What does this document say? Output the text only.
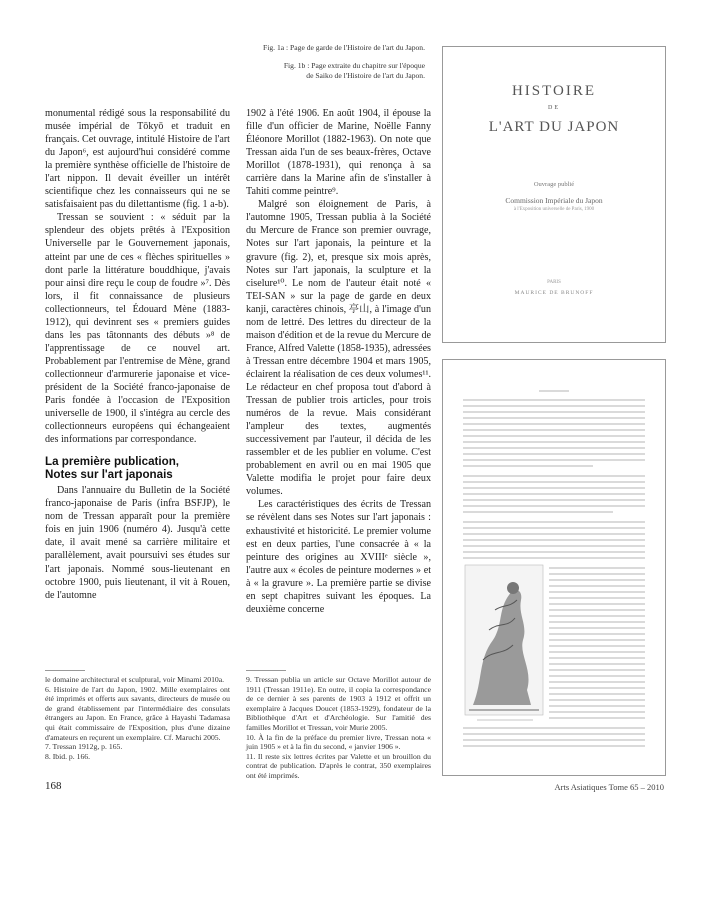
Fig. 1a : Page de garde de l'Histoire de l'art du Japon.
Fig. 1b : Page extraite du chapitre sur l'époque
de Saiko de l'Histoire de l'art du Japon.

monumental rédigé sous la responsabilité du musée impérial de Tōkyō et traduit en français. Cet ouvrage, intitulé Histoire de l'art du Japon⁶, est aujourd'hui considéré comme la première synthèse officielle de l'histoire de l'art nippon. Il devait éveiller un intérêt scientifique chez les connaisseurs qui ne se satisfaisaient pas du dilettantisme (fig. 1 a-b).

Tressan se souvient : « séduit par la splendeur des objets prêtés à l'Exposition Universelle par le Gouvernement japonais, atteint par une de ces « flèches spirituelles » dont parle la littérature bouddhique, j'avais pour ainsi dire reçu le coup de foudre »⁷. Dès lors, il fit connaissance de plusieurs collectionneurs, tel Édouard Mène (1883-1912), qui devinrent ses « premiers guides dans les pas tâtonnants des débuts »⁸ de l'apprentissage de ce nouvel art. Probablement par l'entremise de Mène, grand collectionneur d'armurerie japonaise et vice-président de la Société franco-japonaise de Paris fondée à l'occasion de l'Exposition universelle de 1900, il s'intégra au cercle des collectionneurs européens qui échangeaient des informations par correspondance.

La première publication,
Notes sur l'art japonais

Dans l'annuaire du Bulletin de la Société franco-japonaise de Paris (infra BSFJP), le nom de Tressan apparaît pour la première fois en juin 1906 (numéro 4). Jusqu'à cette date, il avait mené sa carrière militaire et parallèlement, avait poursuivi ses études sur l'art japonais. Nommé sous-lieutenant en octobre 1900, puis lieutenant, il vit à Rouen, de l'automne

1902 à l'été 1906. En août 1904, il épouse la fille d'un officier de Marine, Noëlle Fanny Éléonore Morillot (1882-1963). On note que Tressan aida l'un de ses beaux-frères, Octave Morillot (1878-1931), qui renonça à sa carrière dans la Marine afin de s'installer à Tahiti comme peintre⁹.

Malgré son éloignement de Paris, à l'automne 1905, Tressan publia à la Société du Mercure de France son premier ouvrage, Notes sur l'art japonais, la peinture et la gravure (fig. 2), et, presque six mois après, Notes sur l'art japonais, la sculpture et la ciselure¹⁰. Le nom de l'auteur était noté « TEI-SAN » sur la page de garde en deux kanji, caractères chinois, 亭山, à l'image d'un nom de lettré. Des lettres du directeur de la maison d'édition et de la revue du Mercure de France, Alfred Valette (1858-1935), adressées à Tressan entre décembre 1904 et mars 1905, éclairent la réalisation de ces deux volumes¹¹. Le rédacteur en chef proposa tout d'abord à Tressan de publier trois articles, pour trois numéros de la revue. Mais considérant l'ampleur des textes, augmentés successivement par l'auteur, il décida de les rassembler et de les publier en volume. C'est probablement en avril ou en mai 1905 que Valette modifia le projet pour faire deux volumes.

Les caractéristiques des écrits de Tressan se révèlent dans ses Notes sur l'art japonais : exhaustivité et historicité. Le premier volume est en deux parties, l'une consacrée à « la peinture des origines au XVIIIᵉ siècle », l'autre aux « écoles de peinture modernes » et à « la gravure ». La première partie se divise en sept chapitres suivant les époques. La deuxième concerne

le domaine architectural et sculptural, voir Minami 2010a.

6. Histoire de l'art du Japon, 1902. Mille exemplaires ont été imprimés et offerts aux savants, directeurs de musée ou de grand établissement par l'intermédiaire des consulats étrangers au Japon. En France, grâce à Hayashi Tadamasa qui était commissaire de l'Exposition, plus d'une dizaine d'amateurs en reçurent un exemplaire. Cf. Maruchi 2005.

7. Tressan 1912g, p. 165.

8. Ibid. p. 166.

9. Tressan publia un article sur Octave Morillot autour de 1911 (Tressan 1911e). En outre, il copia la correspondance de ce dernier à ses parents de 1903 à 1912 et offrit un exemplaire à Jacques Doucet (1853-1929), fondateur de la Bibliothèque d'Art et d'Archéologie. Sur l'amitié des familles Morillot et Tressan, voir Murie 2005.

10. À la fin de la préface du premier livre, Tressan nota « juin 1905 » et à la fin du second, « janvier 1906 ».

11. Il reste six lettres écrites par Valette et un brouillon du contrat de publication. D'après le contrat, 350 exemplaires ont été imprimés.

HISTOIRE
DE
L'ART DU JAPON
Ouvrage publié
Commission Impériale du Japon
à l'Exposition universelle de Paris, 1900
PARIS
MAURICE DE BRUNOFF
168	Arts Asiatiques Tome 65 – 2010
